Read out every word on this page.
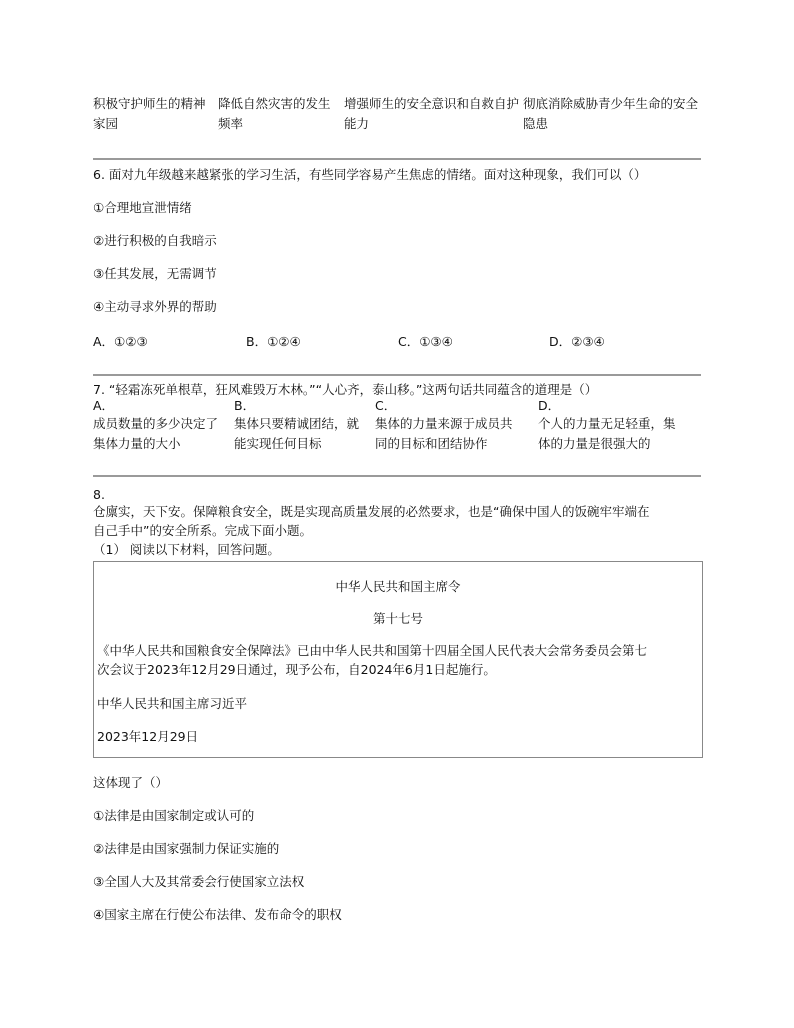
积极守护师生的精神家园
降低自然灾害的发生频率
增强师生的安全意识和自救自护能力
彻底消除威胁青少年生命的安全隐患
6. 面对九年级越来越紧张的学习生活，有些同学容易产生焦虑的情绪。面对这种现象，我们可以（）
①合理地宣泄情绪
②进行积极的自我暗示
③任其发展，无需调节
④主动寻求外界的帮助
A．①②③	B．①②④	C．①③④	D．②③④
7. “轻霜冻死单根草，狂风难毁万木林。”“人心齐，泰山移。”这两句话共同蕴含的道理是（）
A．
成员数量的多少决定了
集体力量的大小
B．
集体只要精诚团结，就
能实现任何目标
C．
集体的力量来源于成员共
同的目标和团结协作
D．
个人的力量无足轻重，集
体的力量是很强大的
8.
仓廪实，天下安。保障粮食安全，既是实现高质量发展的必然要求，也是“确保中国人的饭碗牢牢端在
自己手中”的安全所系。完成下面小题。
（1） 阅读以下材料，回答问题。
中华人民共和国主席令
第十七号
《中华人民共和国粮食安全保障法》已由中华人民共和国第十四届全国人民代表大会常务委员会第七
次会议于2023年12月29日通过，现予公布，自2024年6月1日起施行。
中华人民共和国主席习近平
2023年12月29日
这体现了（）
①法律是由国家制定或认可的
②法律是由国家强制力保证实施的
③全国人大及其常委会行使国家立法权
④国家主席在行使公布法律、发布命令的职权
